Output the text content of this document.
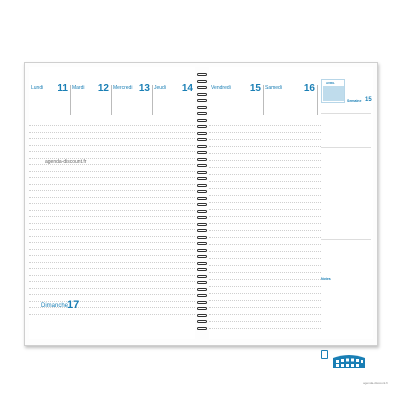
Lundi 11 Mardi 12 Mercredi 13 Jeudi 14
agenda-discount.fr
Dimanche
17
Vendredi 15 Samedi 16	AVRIL
Semaine 15
Notes
agenda-discount.fr
